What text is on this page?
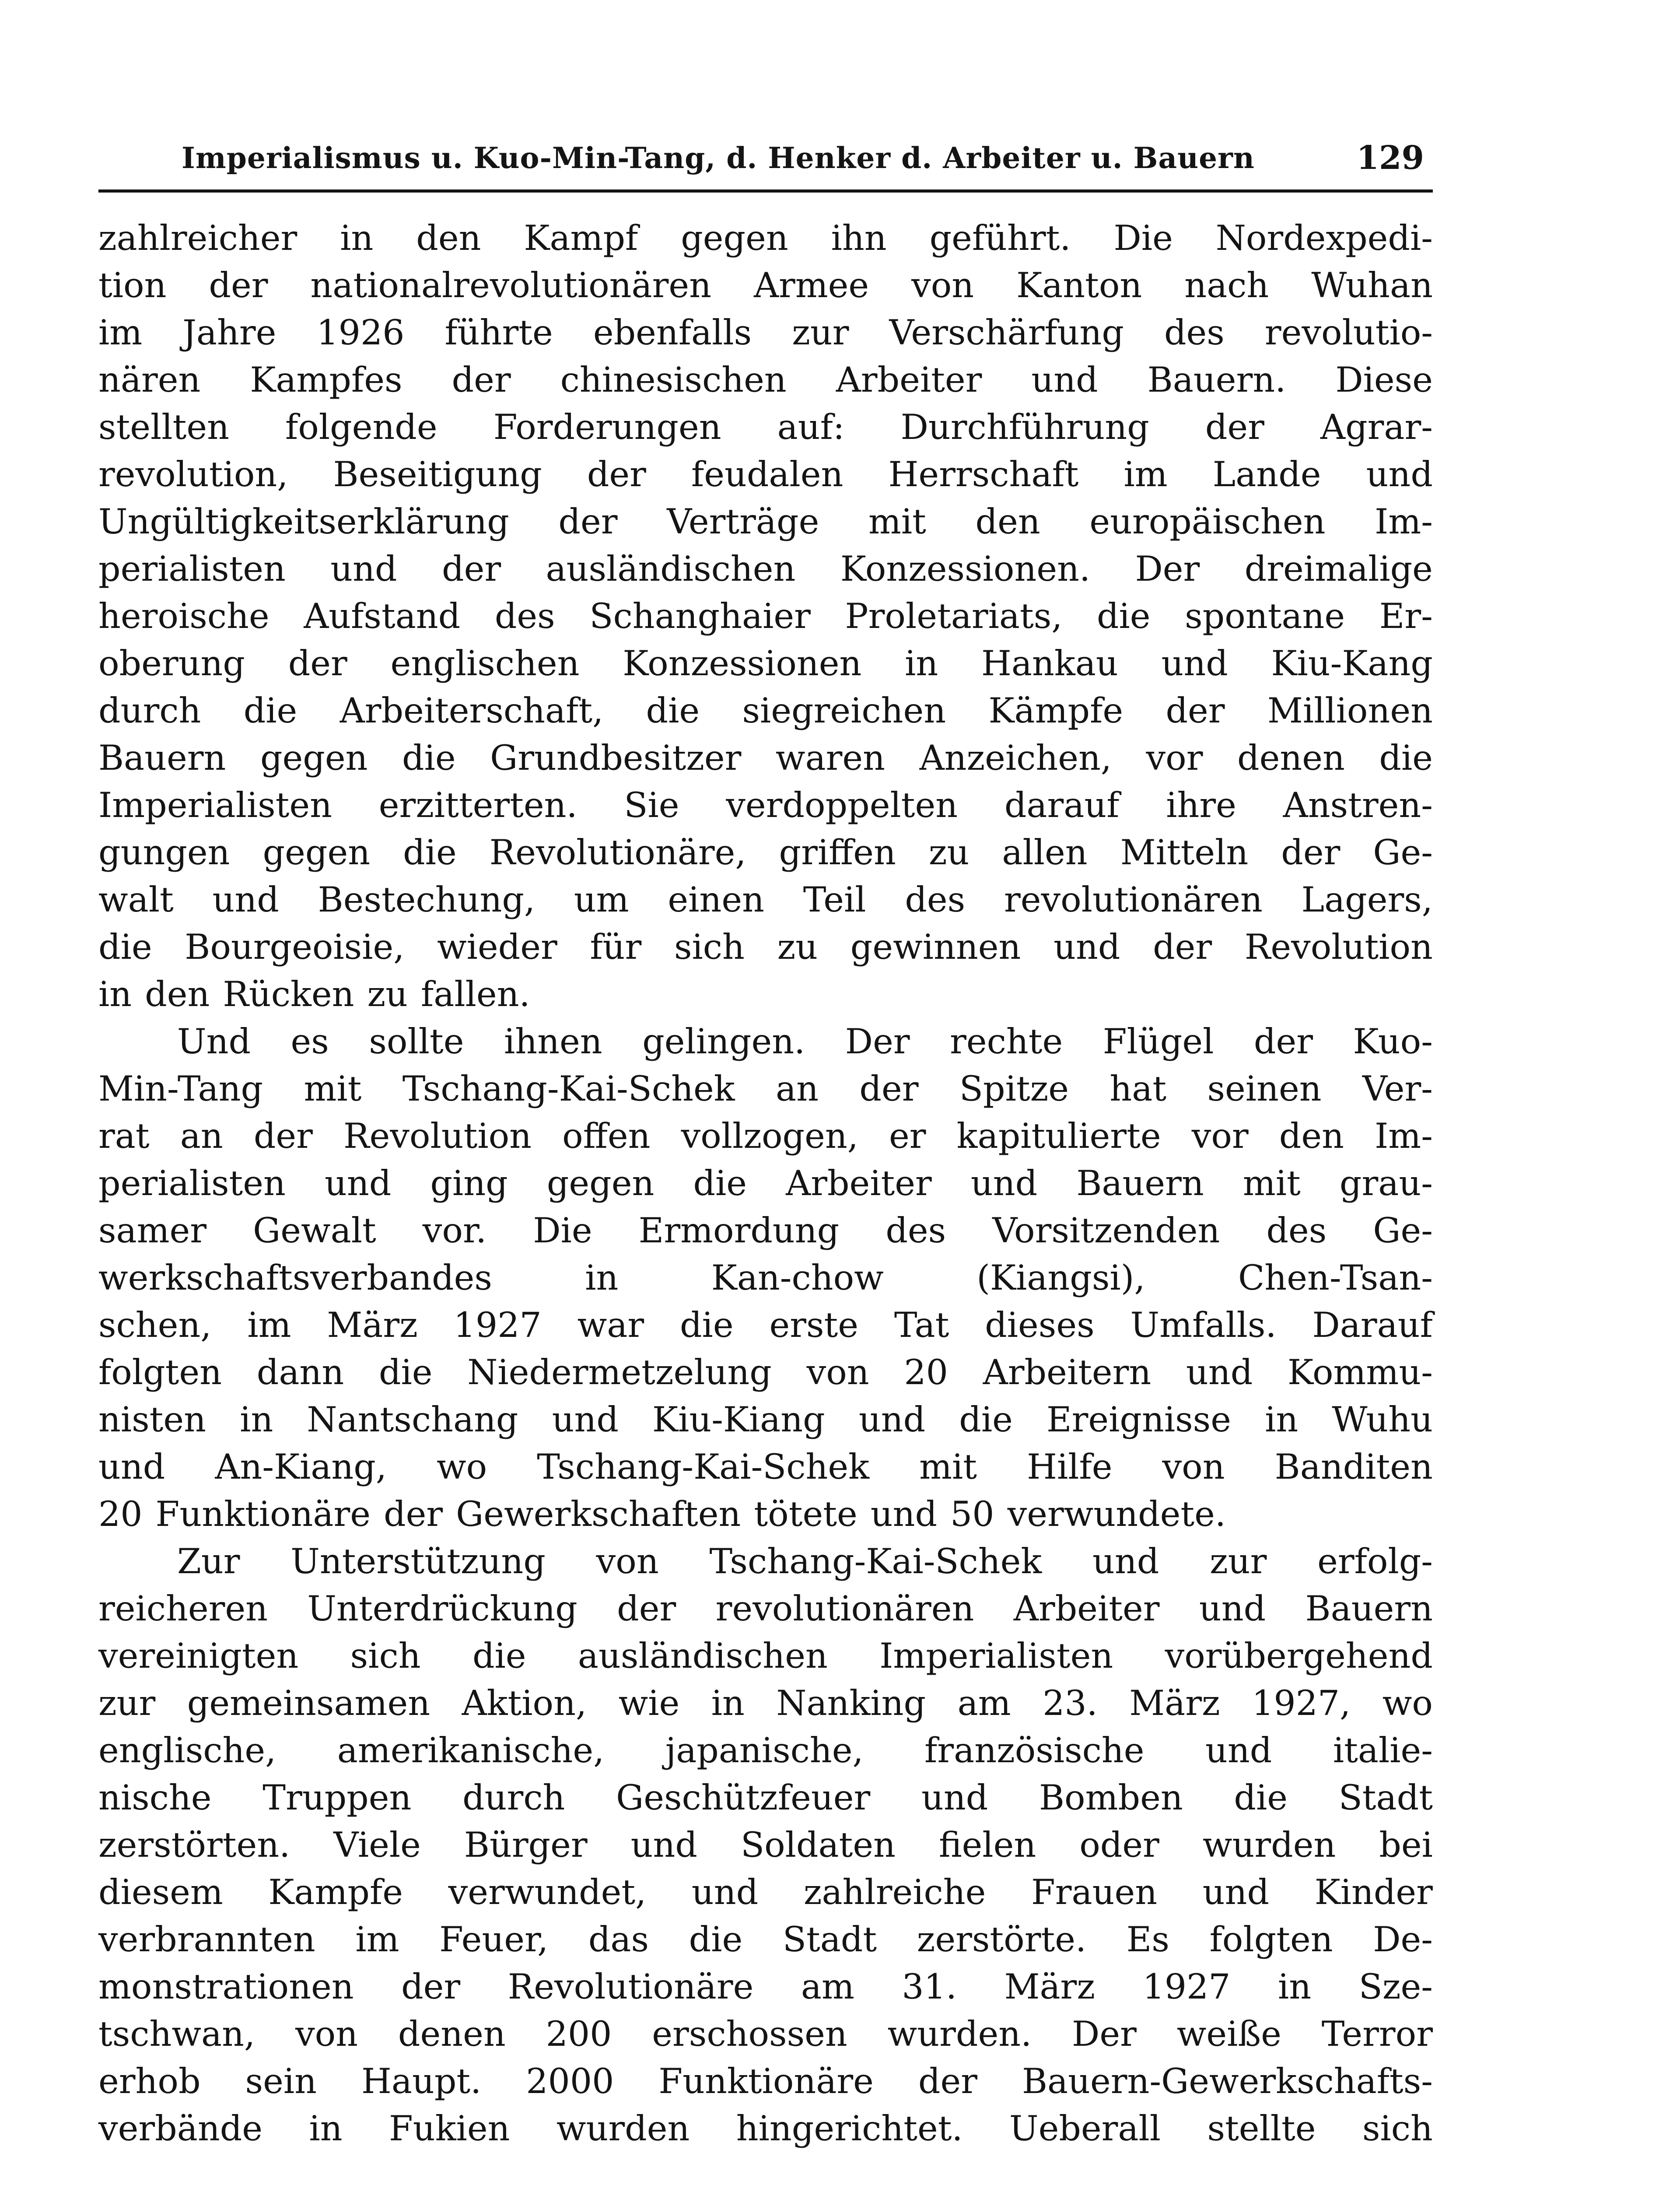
Imperialismus u. Kuo-Min-Tang, d. Henker d. Arbeiter u. Bauern	129
zahlreicher in den Kampf gegen ihn geführt. Die Nordexpedi-
tion der nationalrevolutionären Armee von Kanton nach Wuhan
im Jahre 1926 führte ebenfalls zur Verschärfung des revolutio-
nären Kampfes der chinesischen Arbeiter und Bauern. Diese
stellten folgende Forderungen auf: Durchführung der Agrar-
revolution, Beseitigung der feudalen Herrschaft im Lande und
Ungültigkeitserklärung der Verträge mit den europäischen Im-
perialisten und der ausländischen Konzessionen. Der dreimalige
heroische Aufstand des Schanghaier Proletariats, die spontane Er-
oberung der englischen Konzessionen in Hankau und Kiu-Kang
durch die Arbeiterschaft, die siegreichen Kämpfe der Millionen
Bauern gegen die Grundbesitzer waren Anzeichen, vor denen die
Imperialisten erzitterten. Sie verdoppelten darauf ihre Anstren-
gungen gegen die Revolutionäre, griffen zu allen Mitteln der Ge-
walt und Bestechung, um einen Teil des revolutionären Lagers,
die Bourgeoisie, wieder für sich zu gewinnen und der Revolution
in den Rücken zu fallen.
Und es sollte ihnen gelingen. Der rechte Flügel der Kuo-
Min-Tang mit Tschang-Kai-Schek an der Spitze hat seinen Ver-
rat an der Revolution offen vollzogen, er kapitulierte vor den Im-
perialisten und ging gegen die Arbeiter und Bauern mit grau-
samer Gewalt vor. Die Ermordung des Vorsitzenden des Ge-
werkschaftsverbandes	in	Kan-chow	(Kiangsi),	Chen-Tsan-
schen, im März 1927 war die erste Tat dieses Umfalls. Darauf
folgten dann die Niedermetzelung von 20 Arbeitern und Kommu-
nisten in Nantschang und Kiu-Kiang und die Ereignisse in Wuhu
und An-Kiang, wo Tschang-Kai-Schek mit Hilfe von Banditen
20 Funktionäre der Gewerkschaften tötete und 50 verwundete.
Zur Unterstützung von Tschang-Kai-Schek und zur erfolg-
reicheren Unterdrückung der revolutionären Arbeiter und Bauern
vereinigten sich die ausländischen Imperialisten vorübergehend
zur gemeinsamen Aktion, wie in Nanking am 23. März 1927, wo
englische, amerikanische, japanische, französische und italie-
nische Truppen durch Geschützfeuer und Bomben die Stadt
zerstörten. Viele Bürger und Soldaten fielen oder wurden bei
diesem Kampfe verwundet, und zahlreiche Frauen und Kinder
verbrannten im Feuer, das die Stadt zerstörte. Es folgten De-
monstrationen der Revolutionäre am 31. März 1927 in Sze-
tschwan, von denen 200 erschossen wurden. Der weiße Terror
erhob sein Haupt. 2000 Funktionäre der Bauern-Gewerkschafts-
verbände in Fukien wurden hingerichtet. Ueberall stellte sich
